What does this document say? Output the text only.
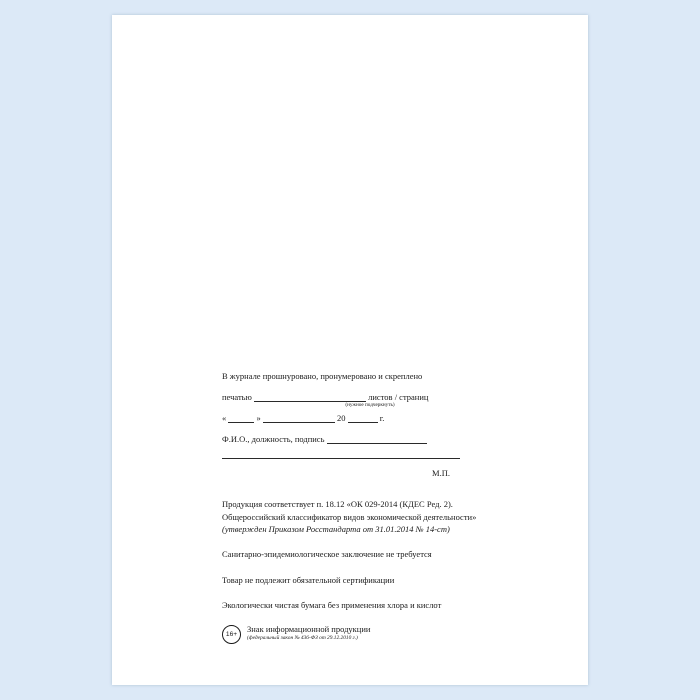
В журнале прошнуровано, пронумеровано и скреплено
печатью	листов / страниц
(нужное подчеркнуть)
«	»	20	г.
Ф.И.О., должность, подпись
М.П.
Продукция соответствует п. 18.12 «ОК 029-2014 (КДЕС Ред. 2).
Общероссийский классификатор видов экономической деятельности»
(утвержден Приказом Росстандарта от 31.01.2014 № 14-ст)
Санитарно-эпидемиологическое заключение не требуется
Товар не подлежит обязательной сертификации
Экологически чистая бумага без применения хлора и кислот
16+
Знак информационной продукции
(федеральный закон № 436-ФЗ от 29.12.2010 г.)
